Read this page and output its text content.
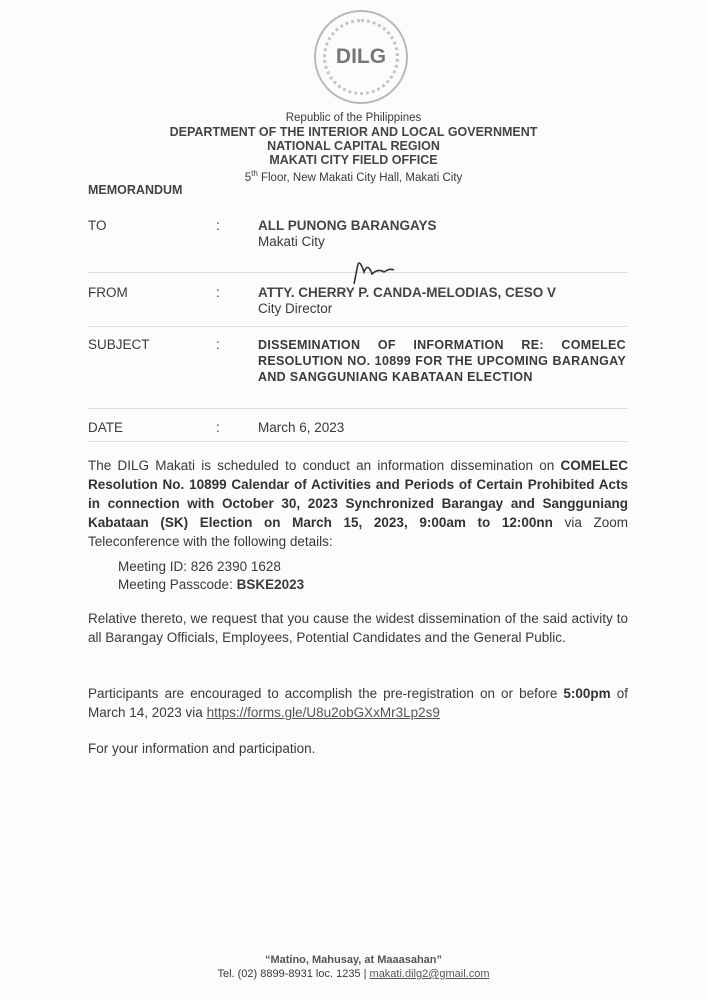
DILG
Republic of the Philippines
DEPARTMENT OF THE INTERIOR AND LOCAL GOVERNMENT
NATIONAL CAPITAL REGION
MAKATI CITY FIELD OFFICE
5th Floor, New Makati City Hall, Makati City
MEMORANDUM
TO	:	ALL PUNONG BARANGAYS
Makati City
FROM	:	ATTY. CHERRY P. CANDA-MELODIAS, CESO V
City Director
SUBJECT	:	DISSEMINATION OF INFORMATION RE: COMELEC RESOLUTION NO. 10899 FOR THE UPCOMING BARANGAY AND SANGGUNIANG KABATAAN ELECTION
DATE	:	March 6, 2023
The DILG Makati is scheduled to conduct an information dissemination on COMELEC Resolution No. 10899 Calendar of Activities and Periods of Certain Prohibited Acts in connection with October 30, 2023 Synchronized Barangay and Sangguniang Kabataan (SK) Election on March 15, 2023, 9:00am to 12:00nn via Zoom Teleconference with the following details:
Meeting ID: 826 2390 1628
Meeting Passcode: BSKE2023
Relative thereto, we request that you cause the widest dissemination of the said activity to all Barangay Officials, Employees, Potential Candidates and the General Public.
Participants are encouraged to accomplish the pre-registration on or before 5:00pm of March 14, 2023 via https://forms.gle/U8u2obGXxMr3Lp2s9
For your information and participation.
“Matino, Mahusay, at Maaasahan”
Tel. (02) 8899-8931 loc. 1235 | makati.dilg2@gmail.com
